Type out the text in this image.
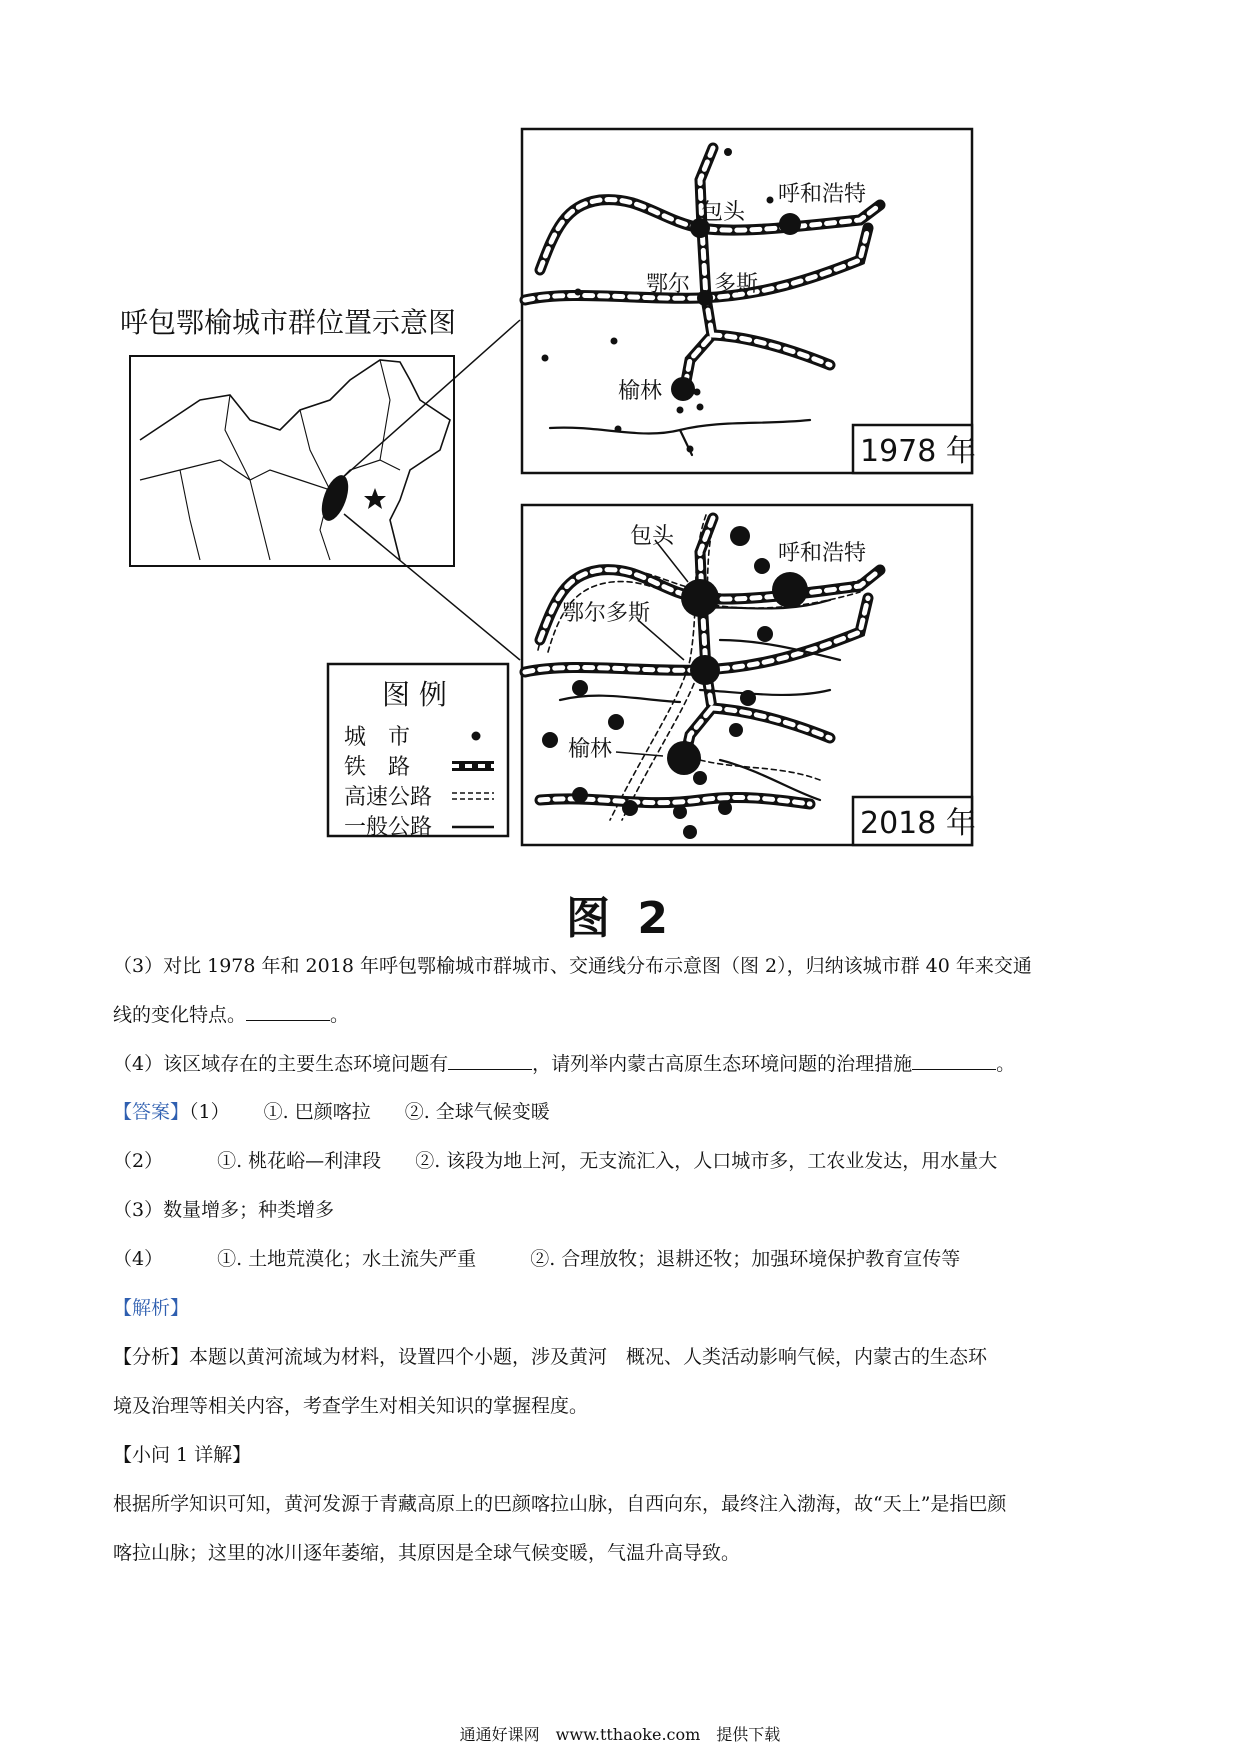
呼包鄂榆城市群位置示意图
包头
呼和浩特
鄂尔 多斯
榆林
1978 年
包头
呼和浩特
鄂尔多斯
榆林
2018 年
图 例
城　市
铁　路
高速公路
一般公路
图 2
（3）对比 1978 年和 2018 年呼包鄂榆城市群城市、交通线分布示意图（图 2），归纳该城市群 40 年来交通
线的变化特点。	。
（4）该区域存在的主要生态环境问题有	，请列举内蒙古高原生态环境问题的治理措施	。
【答案】（1） ①. 巴颜喀拉 ②. 全球气候变暖
（2）	①. 桃花峪—利津段 ②. 该段为地上河，无支流汇入，人口城市多，工农业发达，用水量大
（3）数量增多；种类增多
（4）	①. 土地荒漠化；水土流失严重	②. 合理放牧；退耕还牧；加强环境保护教育宣传等
【解析】
【分析】本题以黄河流域为材料，设置四个小题，涉及黄河　概况、人类活动影响气候，内蒙古的生态环
境及治理等相关内容，考查学生对相关知识的掌握程度。
【小问 1 详解】
根据所学知识可知，黄河发源于青藏高原上的巴颜喀拉山脉，自西向东，最终注入渤海，故“天上”是指巴颜
喀拉山脉；这里的冰川逐年萎缩，其原因是全球气候变暖，气温升高导致。
通通好课网　www.tthaoke.com　提供下载
